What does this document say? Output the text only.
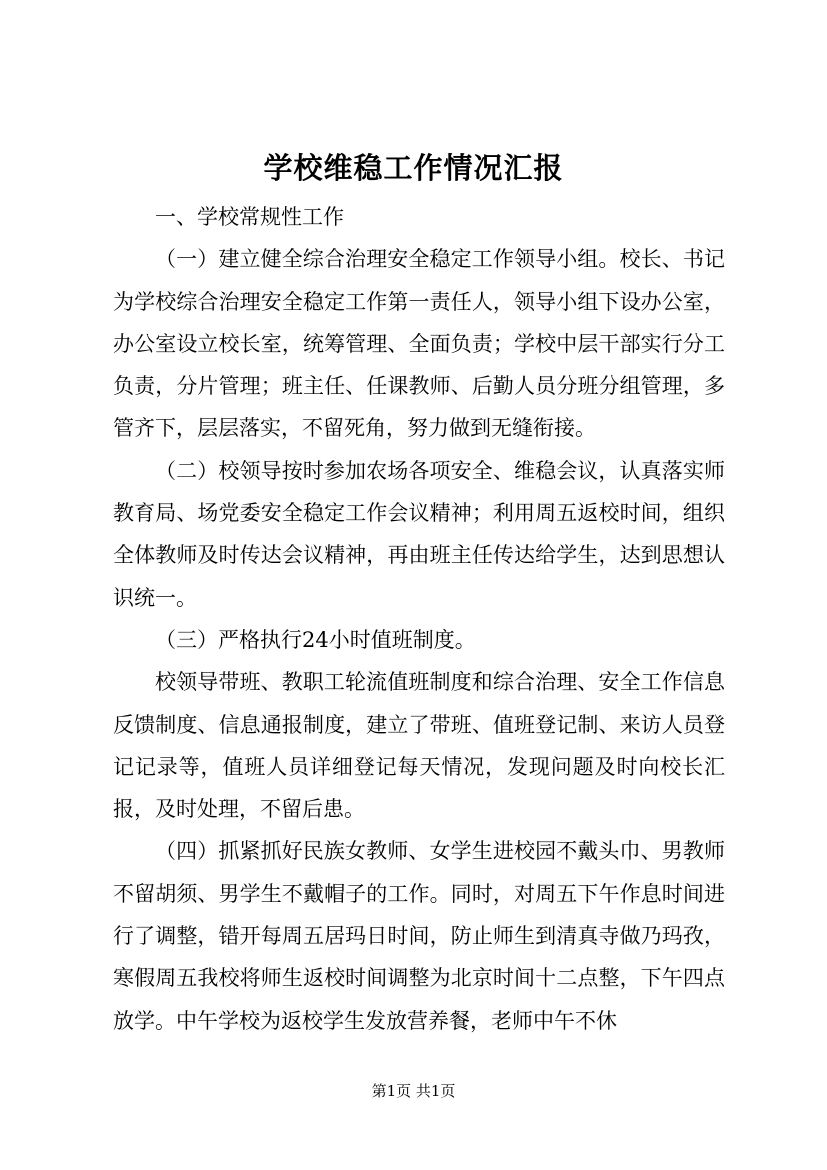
学校维稳工作情况汇报

一、学校常规性工作

（一）建立健全综合治理安全稳定工作领导小组。校长、书记为学校综合治理安全稳定工作第一责任人，领导小组下设办公室，办公室设立校长室，统筹管理、全面负责；学校中层干部实行分工负责，分片管理；班主任、任课教师、后勤人员分班分组管理，多管齐下，层层落实，不留死角，努力做到无缝衔接。

（二）校领导按时参加农场各项安全、维稳会议，认真落实师教育局、场党委安全稳定工作会议精神；利用周五返校时间，组织全体教师及时传达会议精神，再由班主任传达给学生，达到思想认识统一。

（三）严格执行24小时值班制度。

校领导带班、教职工轮流值班制度和综合治理、安全工作信息反馈制度、信息通报制度，建立了带班、值班登记制、来访人员登记记录等，值班人员详细登记每天情况，发现问题及时向校长汇报，及时处理，不留后患。

（四）抓紧抓好民族女教师、女学生进校园不戴头巾、男教师不留胡须、男学生不戴帽子的工作。同时，对周五下午作息时间进行了调整，错开每周五居玛日时间，防止师生到清真寺做乃玛孜，寒假周五我校将师生返校时间调整为北京时间十二点整，下午四点放学。中午学校为返校学生发放营养餐，老师中午不休

第1页 共1页
